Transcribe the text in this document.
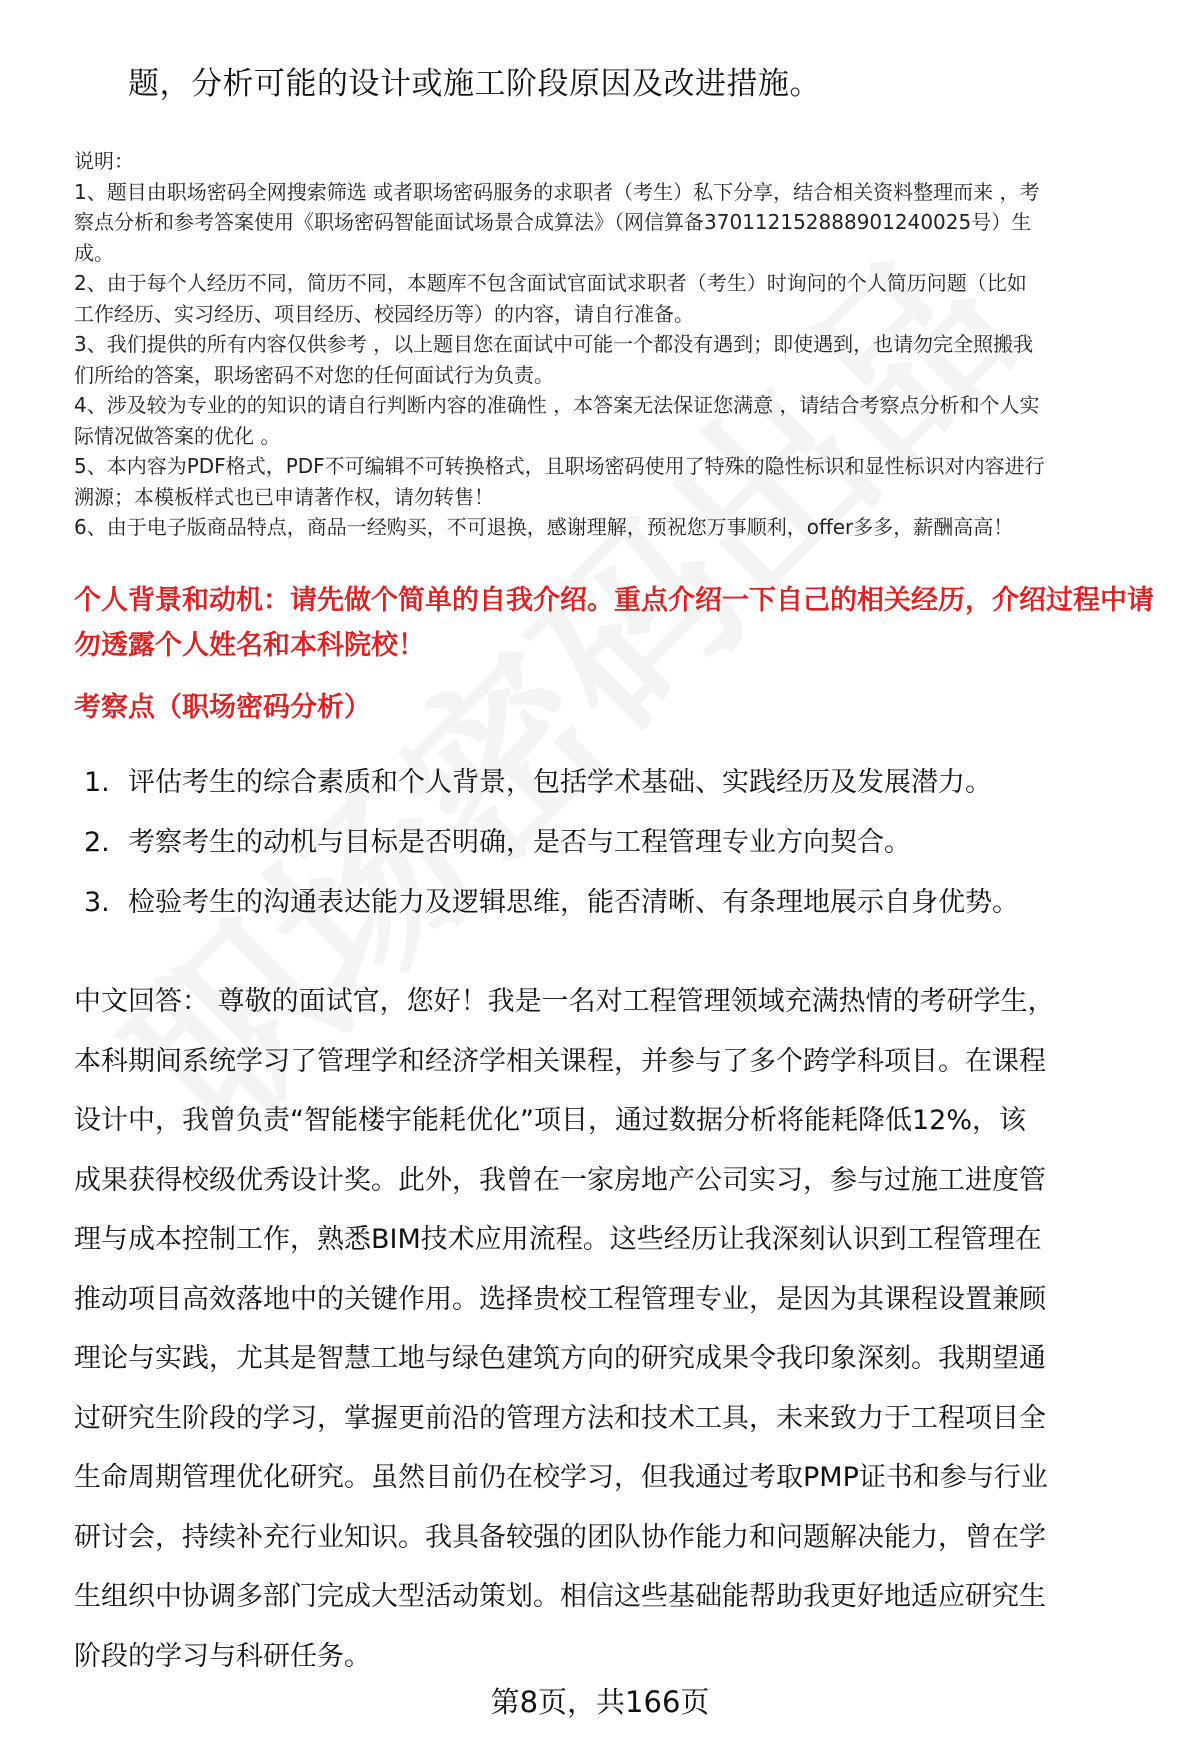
题，分析可能的设计或施工阶段原因及改进措施。
说明：
1、题目由职场密码全网搜索筛选 或者职场密码服务的求职者（考生）私下分享，结合相关资料整理而来 ，考
察点分析和参考答案使用《职场密码智能面试场景合成算法》（网信算备370112152888901240025号）生
成。
2、由于每个人经历不同，简历不同，本题库不包含面试官面试求职者（考生）时询问的个人简历问题（比如
工作经历、实习经历、项目经历、校园经历等）的内容，请自行准备。
3、我们提供的所有内容仅供参考 ，以上题目您在面试中可能一个都没有遇到；即使遇到，也请勿完全照搬我
们所给的答案，职场密码不对您的任何面试行为负责。
4、涉及较为专业的的知识的请自行判断内容的准确性 ，本答案无法保证您满意 ，请结合考察点分析和个人实
际情况做答案的优化 。
5、本内容为PDF格式，PDF不可编辑不可转换格式，且职场密码使用了特殊的隐性标识和显性标识对内容进行
溯源；本模板样式也已申请著作权，请勿转售！
6、由于电子版商品特点，商品一经购买，不可退换，感谢理解，预祝您万事顺利，offer多多，薪酬高高！
个人背景和动机：请先做个简单的自我介绍。重点介绍一下自己的相关经历，介绍过程中请勿透露个人姓名和本科院校！
考察点（职场密码分析）
1. 评估考生的综合素质和个人背景，包括学术基础、实践经历及发展潜力。
2. 考察考生的动机与目标是否明确，是否与工程管理专业方向契合。
3. 检验考生的沟通表达能力及逻辑思维，能否清晰、有条理地展示自身优势。
中文回答： 尊敬的面试官，您好！我是一名对工程管理领域充满热情的考研学生，
本科期间系统学习了管理学和经济学相关课程，并参与了多个跨学科项目。在课程
设计中，我曾负责“智能楼宇能耗优化”项目，通过数据分析将能耗降低12%，该
成果获得校级优秀设计奖。此外，我曾在一家房地产公司实习，参与过施工进度管
理与成本控制工作，熟悉BIM技术应用流程。这些经历让我深刻认识到工程管理在
推动项目高效落地中的关键作用。选择贵校工程管理专业，是因为其课程设置兼顾
理论与实践，尤其是智慧工地与绿色建筑方向的研究成果令我印象深刻。我期望通
过研究生阶段的学习，掌握更前沿的管理方法和技术工具，未来致力于工程项目全
生命周期管理优化研究。虽然目前仍在校学习，但我通过考取PMP证书和参与行业
研讨会，持续补充行业知识。我具备较强的团队协作能力和问题解决能力，曾在学
生组织中协调多部门完成大型活动策划。相信这些基础能帮助我更好地适应研究生
阶段的学习与科研任务。
第8页，共166页
